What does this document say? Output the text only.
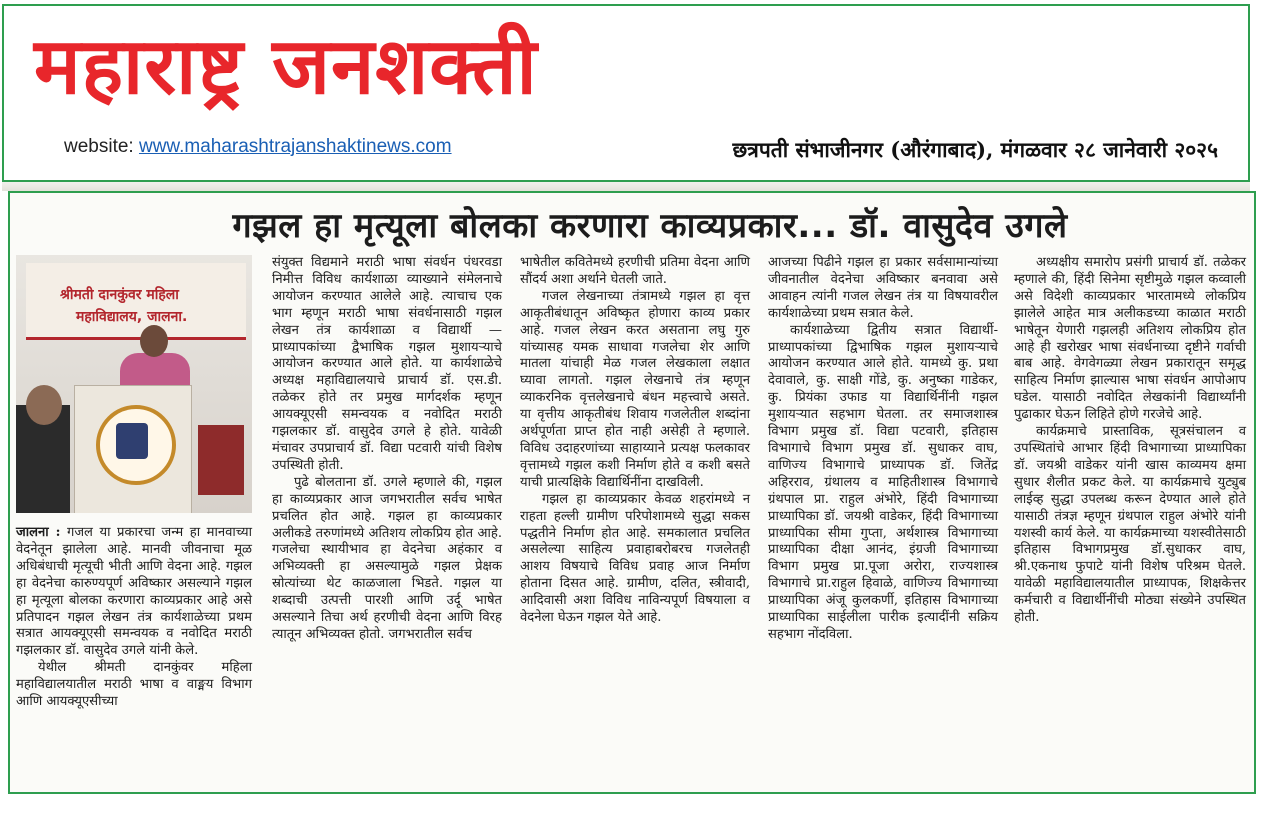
महाराष्ट्र जनशक्ती
website: www.maharashtrajanshaktinews.com	छत्रपती संभाजीनगर (औरंगाबाद), मंगळवार २८ जानेवारी २०२५
गझल हा मृत्यूला बोलका करणारा काव्यप्रकार... डॉ. वासुदेव उगले
श्रीमती दानकुंवर महिला
महाविद्यालय, जालना.

जालना : गजल या प्रकारचा जन्म हा मानवाच्या वेदनेतून झालेला आहे. मानवी जीवनाचा मूळ अधिबंधाची मृत्यूची भीती आणि वेदना आहे. गझल हा वेदनेचा कारुण्यपूर्ण अविष्कार असल्याने गझल हा मृत्यूला बोलका करणारा काव्यप्रकार आहे असे प्रतिपादन गझल लेखन तंत्र कार्यशाळेच्या प्रथम सत्रात आयक्यूएसी समन्वयक व नवोदित मराठी गझलकार डॉ. वासुदेव उगले यांनी केले.

येथील श्रीमती दानकुंवर महिला महाविद्यालयातील मराठी भाषा व वाङ्मय विभाग आणि आयक्यूएसीच्या

संयुक्त विद्यमाने मराठी भाषा संवर्धन पंधरवडा निमीत्त विविध कार्यशाळा व्याख्याने संमेलनाचे आयोजन करण्यात आलेले आहे. त्याचाच एक भाग म्हणून मराठी भाषा संवर्धनासाठी गझल लेखन तंत्र कार्यशाळा व विद्यार्थी — प्राध्यापकांच्या द्वैभाषिक गझल मुशायऱ्याचे आयोजन करण्यात आले होते. या कार्यशाळेचे अध्यक्ष महाविद्यालयाचे प्राचार्य डॉ. एस.डी. तळेकर होते तर प्रमुख मार्गदर्शक म्हणून आयक्यूएसी समन्वयक व नवोदित मराठी गझलकार डॉ. वासुदेव उगले हे होते. यावेळी मंचावर उपप्राचार्य डॉ. विद्या पटवारी यांची विशेष उपस्थिती होती.

पुढे बोलताना डॉ. उगले म्हणाले की, गझल हा काव्यप्रकार आज जगभरातील सर्वच भाषेत प्रचलित होत आहे. गझल हा काव्यप्रकार अलीकडे तरुणांमध्ये अतिशय लोकप्रिय होत आहे. गजलेचा स्थायीभाव हा वेदनेचा अहंकार व अभिव्यक्ती हा असल्यामुळे गझल प्रेक्षक स्रोत्यांच्या थेट काळजाला भिडते. गझल या शब्दाची उत्पत्ती पारशी आणि उर्दू भाषेत असल्याने तिचा अर्थ हरणीची वेदना आणि विरह त्यातून अभिव्यक्त होतो. जगभरातील सर्वच

भाषेतील कवितेमध्ये हरणीची प्रतिमा वेदना आणि सौंदर्य अशा अर्थाने घेतली जाते.

गजल लेखनाच्या तंत्रामध्ये गझल हा वृत्त आकृतीबंधातून अविष्कृत होणारा काव्य प्रकार आहे. गजल लेखन करत असताना लघु गुरु यांच्यासह यमक साधावा गजलेचा शेर आणि मातला यांचाही मेळ गजल लेखकाला लक्षात घ्यावा लागतो. गझल लेखनाचे तंत्र म्हणून व्याकरनिक वृत्तलेखनाचे बंधन महत्त्वाचे असते. या वृत्तीय आकृतीबंध शिवाय गजलेतील शब्दांना अर्थपूर्णता प्राप्त होत नाही असेही ते म्हणाले. विविध उदाहरणांच्या साहाय्याने प्रत्यक्ष फलकावर वृत्तामध्ये गझल कशी निर्माण होते व कशी बसते याची प्रात्यक्षिके विद्यार्थिनींना दाखविली.

गझल हा काव्यप्रकार केवळ शहरांमध्ये न राहता हल्ली ग्रामीण परिपोशामध्ये सुद्धा सकस पद्धतीने निर्माण होत आहे. समकालात प्रचलित असलेल्या साहित्य प्रवाहाबरोबरच गजलेतही आशय विषयाचे विविध प्रवाह आज निर्माण होताना दिसत आहे. ग्रामीण, दलित, स्त्रीवादी, आदिवासी अशा विविध नाविन्यपूर्ण विषयाला व वेदनेला घेऊन गझल येते आहे.

आजच्या पिढीने गझल हा प्रकार सर्वसामान्यांच्या जीवनातील वेदनेचा अविष्कार बनवावा असे आवाहन त्यांनी गजल लेखन तंत्र या विषयावरील कार्यशाळेच्या प्रथम सत्रात केले.

कार्यशाळेच्या द्वितीय सत्रात विद्यार्थी-प्राध्यापकांच्या द्विभाषिक गझल मुशायऱ्याचे आयोजन करण्यात आले होते. यामध्ये कु. प्रथा देवावाले, कु. साक्षी गोंडे, कु. अनुष्का गाडेकर, कु. प्रियंका उफाड या विद्यार्थिनींनी गझल मुशायऱ्यात सहभाग घेतला. तर समाजशास्त्र विभाग प्रमुख डॉ. विद्या पटवारी, इतिहास विभागाचे विभाग प्रमुख डॉ. सुधाकर वाघ, वाणिज्य विभागाचे प्राध्यापक डॉ. जितेंद्र अहिरराव, ग्रंथालय व माहितीशास्त्र विभागाचे ग्रंथपाल प्रा. राहुल अंभोरे, हिंदी विभागाच्या प्राध्यापिका डॉ. जयश्री वाडेकर, हिंदी विभागाच्या प्राध्यापिका सीमा गुप्ता, अर्थशास्त्र विभागाच्या प्राध्यापिका दीक्षा आनंद, इंग्रजी विभागाच्या विभाग प्रमुख प्रा.पूजा अरोरा, राज्यशास्त्र विभागाचे प्रा.राहुल हिवाळे, वाणिज्य विभागाच्या प्राध्यापिका अंजू कुलकर्णी, इतिहास विभागाच्या प्राध्यापिका साईलीला पारीक इत्यादींनी सक्रिय सहभाग नोंदविला.

अध्यक्षीय समारोप प्रसंगी प्राचार्य डॉ. तळेकर म्हणाले की, हिंदी सिनेमा सृष्टीमुळे गझल कव्वाली असे विदेशी काव्यप्रकार भारतामध्ये लोकप्रिय झालेले आहेत मात्र अलीकडच्या काळात मराठी भाषेतून येणारी गझलही अतिशय लोकप्रिय होत आहे ही खरोखर भाषा संवर्धनाच्या दृष्टीने गर्वाची बाब आहे. वेगवेगळ्या लेखन प्रकारातून समृद्ध साहित्य निर्माण झाल्यास भाषा संवर्धन आपोआप घडेल. यासाठी नवोदित लेखकांनी विद्यार्थ्यांनी पुढाकार घेऊन लिहिते होणे गरजेचे आहे.

कार्यक्रमाचे प्रास्ताविक, सूत्रसंचालन व उपस्थितांचे आभार हिंदी विभागाच्या प्राध्यापिका डॉ. जयश्री वाडेकर यांनी खास काव्यमय क्षमा सुधार शैलीत प्रकट केले. या कार्यक्रमाचे युट्युब लाईव्ह सुद्धा उपलब्ध करून देण्यात आले होते यासाठी तंत्रज्ञ म्हणून ग्रंथपाल राहुल अंभोरे यांनी यशस्वी कार्य केले. या कार्यक्रमाच्या यशस्वीतेसाठी इतिहास विभागप्रमुख डॉ.सुधाकर वाघ, श्री.एकनाथ फुपाटे यांनी विशेष परिश्रम घेतले. यावेळी महाविद्यालयातील प्राध्यापक, शिक्षकेत्तर कर्मचारी व विद्यार्थीनींची मोठ्या संख्येने उपस्थित होती.
